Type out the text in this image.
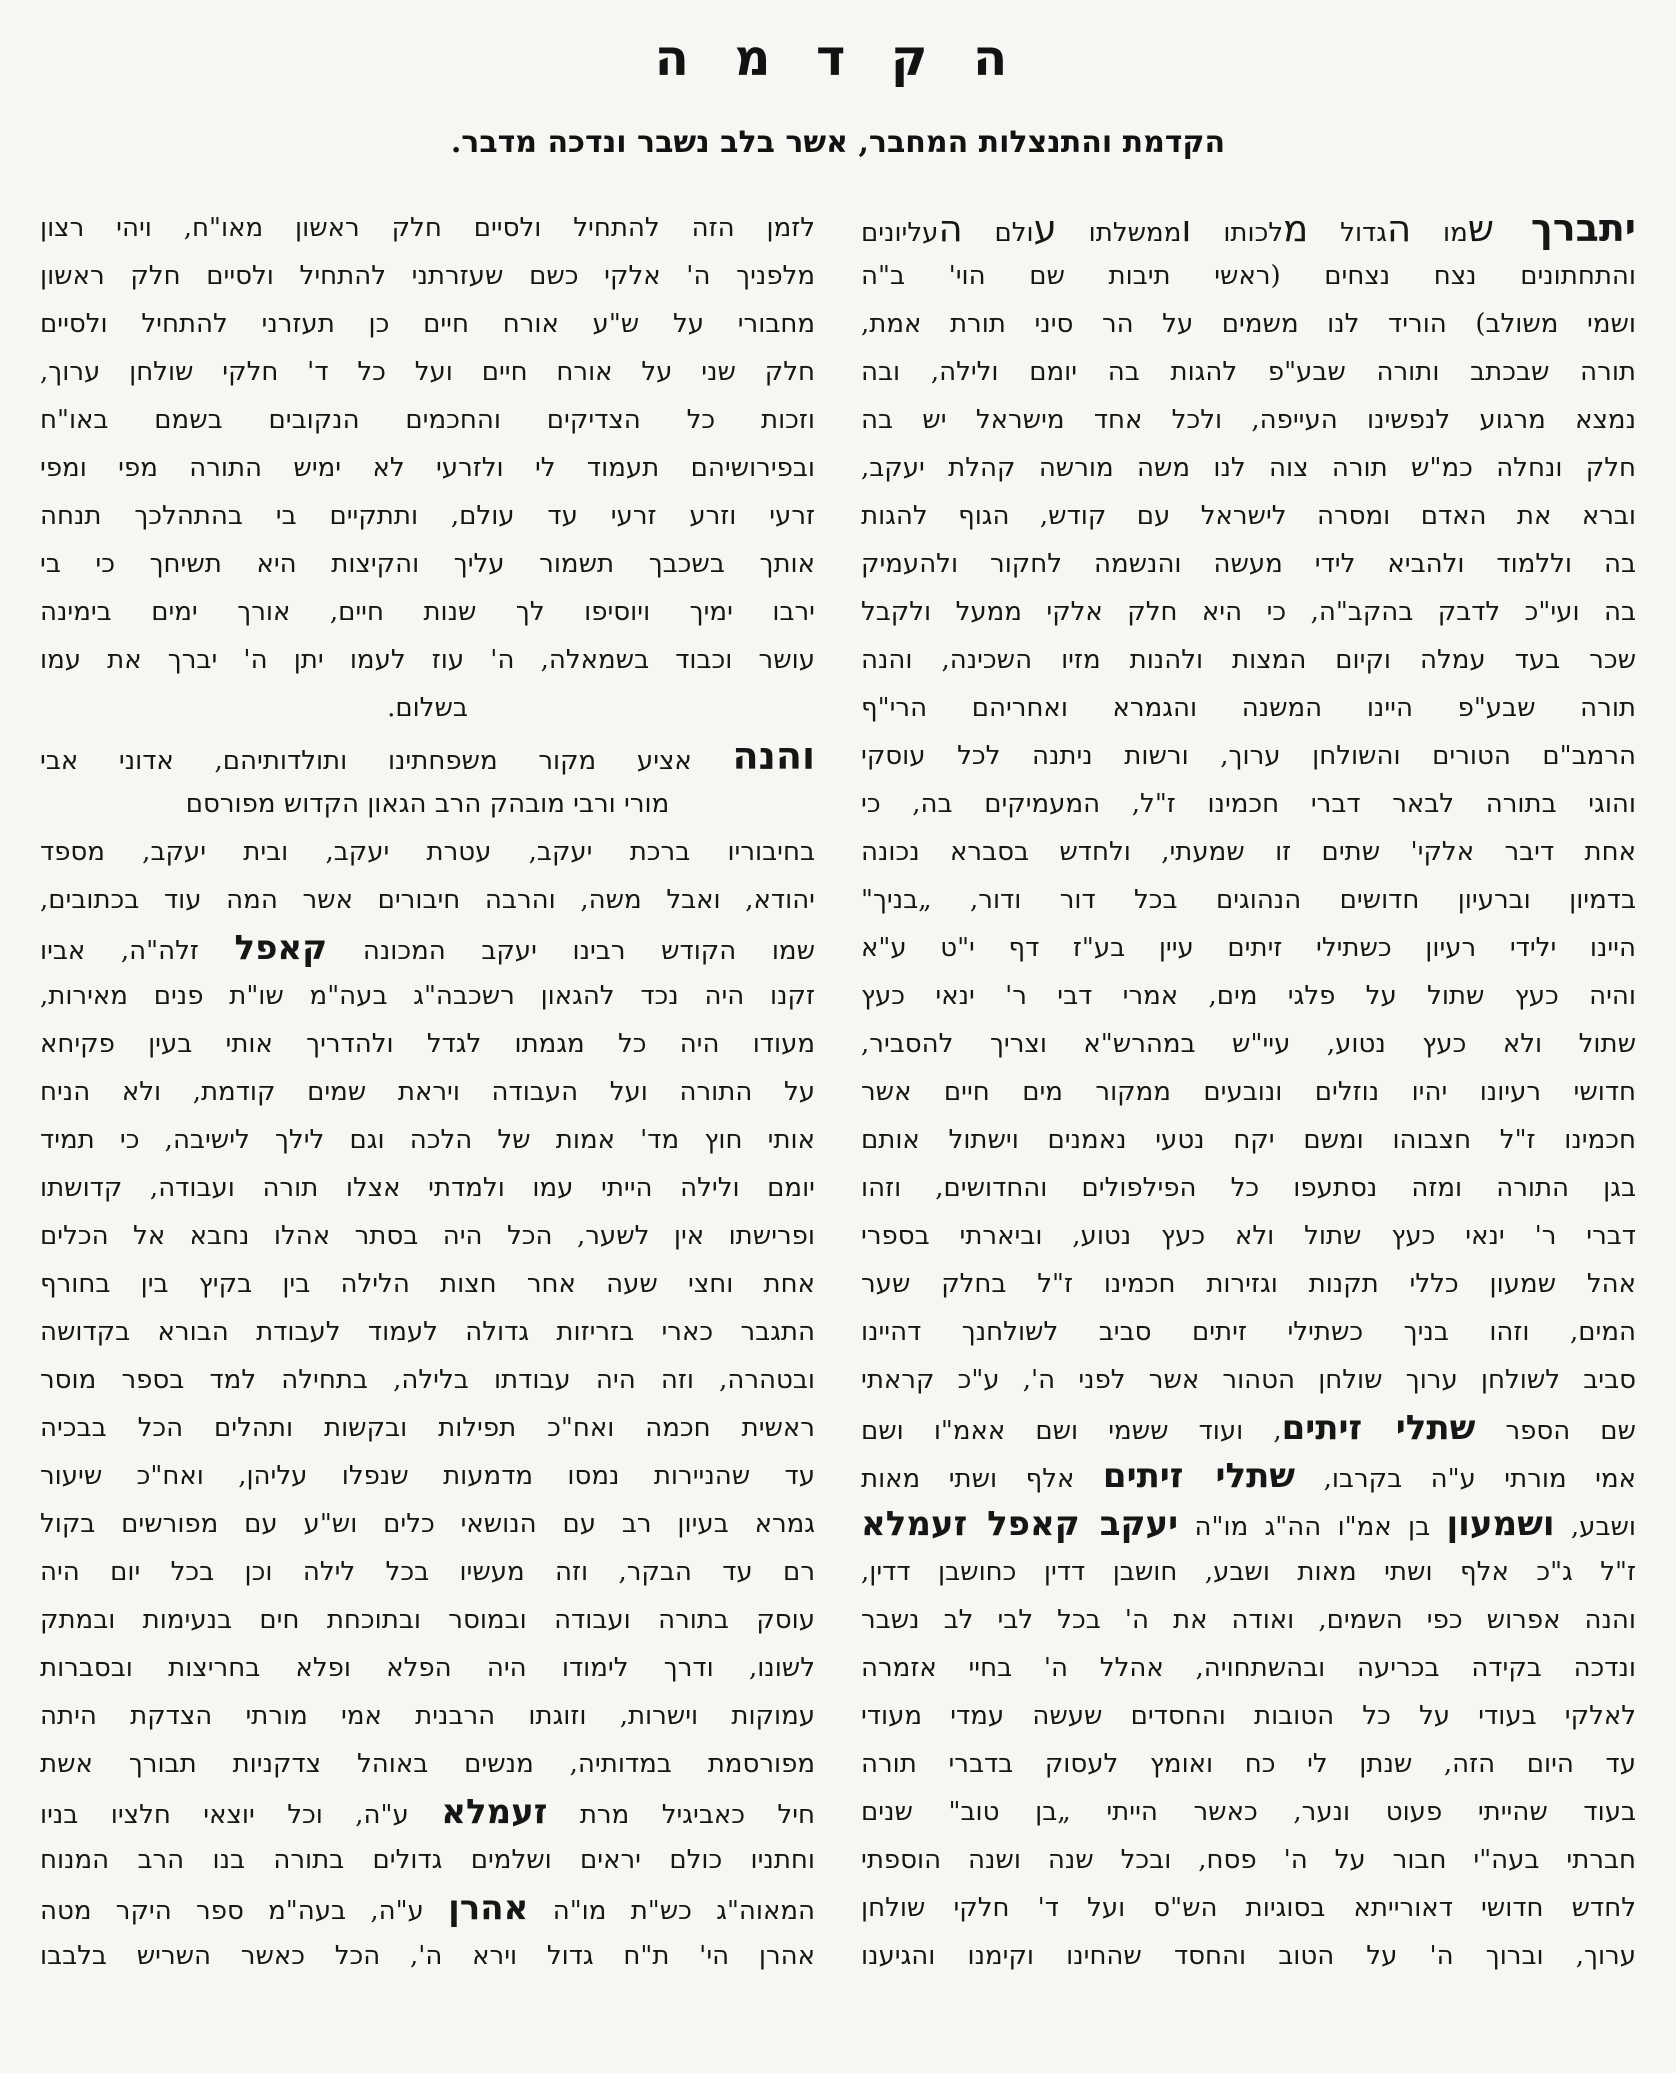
ה ק ד מ ה
הקדמת והתנצלות המחבר, אשר בלב נשבר ונדכה מדבר.
יתברך שמו הגדול מלכותו וממשלתו עולם העליונים
והתחתונים נצח נצחים (ראשי תיבות שם הוי' ב"ה
ושמי משולב) הוריד לנו משמים על הר סיני תורת אמת,
תורה שבכתב ותורה שבע"פ להגות בה יומם ולילה, ובה
נמצא מרגוע לנפשינו העייפה, ולכל אחד מישראל יש בה
חלק ונחלה כמ"ש תורה צוה לנו משה מורשה קהלת יעקב,
וברא את האדם ומסרה לישראל עם קודש, הגוף להגות
בה וללמוד ולהביא לידי מעשה והנשמה לחקור ולהעמיק
בה ועי"כ לדבק בהקב"ה, כי היא חלק אלקי ממעל ולקבל
שכר בעד עמלה וקיום המצות ולהנות מזיו השכינה, והנה
תורה שבע"פ היינו המשנה והגמרא ואחריהם הרי"ף
הרמב"ם הטורים והשולחן ערוך, ורשות ניתנה לכל עוסקי
והוגי בתורה לבאר דברי חכמינו ז"ל, המעמיקים בה, כי
אחת דיבר אלקי' שתים זו שמעתי, ולחדש בסברא נכונה
בדמיון וברעיון חדושים הנהוגים בכל דור ודור, „בניך"
היינו ילידי רעיון כשתילי זיתים עיין בע"ז דף י"ט ע"א
והיה כעץ שתול על פלגי מים, אמרי דבי ר' ינאי כעץ
שתול ולא כעץ נטוע, עיי"ש במהרש"א וצריך להסביר,
חדושי רעיונו יהיו נוזלים ונובעים ממקור מים חיים אשר
חכמינו ז"ל חצבוהו ומשם יקח נטעי נאמנים וישתול אותם
בגן התורה ומזה נסתעפו כל הפילפולים והחדושים, וזהו
דברי ר' ינאי כעץ שתול ולא כעץ נטוע, וביארתי בספרי
אהל שמעון כללי תקנות וגזירות חכמינו ז"ל בחלק שער
המים, וזהו בניך כשתילי זיתים סביב לשולחנך דהיינו
סביב לשולחן ערוך שולחן הטהור אשר לפני ה', ע"כ קראתי
שם הספר שתלי זיתים, ועוד ששמי ושם אאמ"ו ושם
אמי מורתי ע"ה בקרבו, שתלי זיתים אלף ושתי מאות
ושבע, ושמעון בן אמ"ו הה"ג מו"ה יעקב קאפל זעמלא
ז"ל ג"כ אלף ושתי מאות ושבע, חושבן דדין כחושבן דדין,
והנה אפרוש כפי השמים, ואודה את ה' בכל לבי לב נשבר
ונדכה בקידה בכריעה ובהשתחויה, אהלל ה' בחיי אזמרה
לאלקי בעודי על כל הטובות והחסדים שעשה עמדי מעודי
עד היום הזה, שנתן לי כח ואומץ לעסוק בדברי תורה
בעוד שהייתי פעוט ונער, כאשר הייתי „בן טוב" שנים
חברתי בעה"י חבור על ה' פסח, ובכל שנה ושנה הוספתי
לחדש חדושי דאורייתא בסוגיות הש"ס ועל ד' חלקי שולחן
ערוך, וברוך ה' על הטוב והחסד שהחינו וקימנו והגיענו
לזמן הזה להתחיל ולסיים חלק ראשון מאו"ח, ויהי רצון
מלפניך ה' אלקי כשם שעזרתני להתחיל ולסיים חלק ראשון
מחבורי על ש"ע אורח חיים כן תעזרני להתחיל ולסיים
חלק שני על אורח חיים ועל כל ד' חלקי שולחן ערוך,
וזכות כל הצדיקים והחכמים הנקובים בשמם באו"ח
ובפירושיהם תעמוד לי ולזרעי לא ימיש התורה מפי ומפי
זרעי וזרע זרעי עד עולם, ותתקיים בי בהתהלכך תנחה
אותך בשכבך תשמור עליך והקיצות היא תשיחך כי בי
ירבו ימיך ויוסיפו לך שנות חיים, אורך ימים בימינה
עושר וכבוד בשמאלה, ה' עוז לעמו יתן ה' יברך את עמו
בשלום.
והנה אציע מקור משפחתינו ותולדותיהם, אדוני אבי
מורי ורבי מובהק הרב הגאון הקדוש מפורסם
בחיבוריו ברכת יעקב, עטרת יעקב, ובית יעקב, מספד
יהודא, ואבל משה, והרבה חיבורים אשר המה עוד בכתובים,
שמו הקודש רבינו יעקב המכונה קאפל זלה"ה, אביו
זקנו היה נכד להגאון רשכבה"ג בעה"מ שו"ת פנים מאירות,
מעודו היה כל מגמתו לגדל ולהדריך אותי בעין פקיחא
על התורה ועל העבודה ויראת שמים קודמת, ולא הניח
אותי חוץ מד' אמות של הלכה וגם לילך לישיבה, כי תמיד
יומם ולילה הייתי עמו ולמדתי אצלו תורה ועבודה, קדושתו
ופרישתו אין לשער, הכל היה בסתר אהלו נחבא אל הכלים
אחת וחצי שעה אחר חצות הלילה בין בקיץ בין בחורף
התגבר כארי בזריזות גדולה לעמוד לעבודת הבורא בקדושה
ובטהרה, וזה היה עבודתו בלילה, בתחילה למד בספר מוסר
ראשית חכמה ואח"כ תפילות ובקשות ותהלים הכל בבכיה
עד שהניירות נמסו מדמעות שנפלו עליהן, ואח"כ שיעור
גמרא בעיון רב עם הנושאי כלים וש"ע עם מפורשים בקול
רם עד הבקר, וזה מעשיו בכל לילה וכן בכל יום היה
עוסק בתורה ועבודה ובמוסר ובתוכחת חים בנעימות ובמתק
לשונו, ודרך לימודו היה הפלא ופלא בחריצות ובסברות
עמוקות וישרות, וזוגתו הרבנית אמי מורתי הצדקת היתה
מפורסמת במדותיה, מנשים באוהל צדקניות תבורך אשת
חיל כאביגיל מרת זעמלא ע"ה, וכל יוצאי חלציו בניו
וחתניו כולם יראים ושלמים גדולים בתורה בנו הרב המנוח
המאוה"ג כש"ת מו"ה אהרן ע"ה, בעה"מ ספר היקר מטה
אהרן הי' ת"ח גדול וירא ה', הכל כאשר השריש בלבבו
